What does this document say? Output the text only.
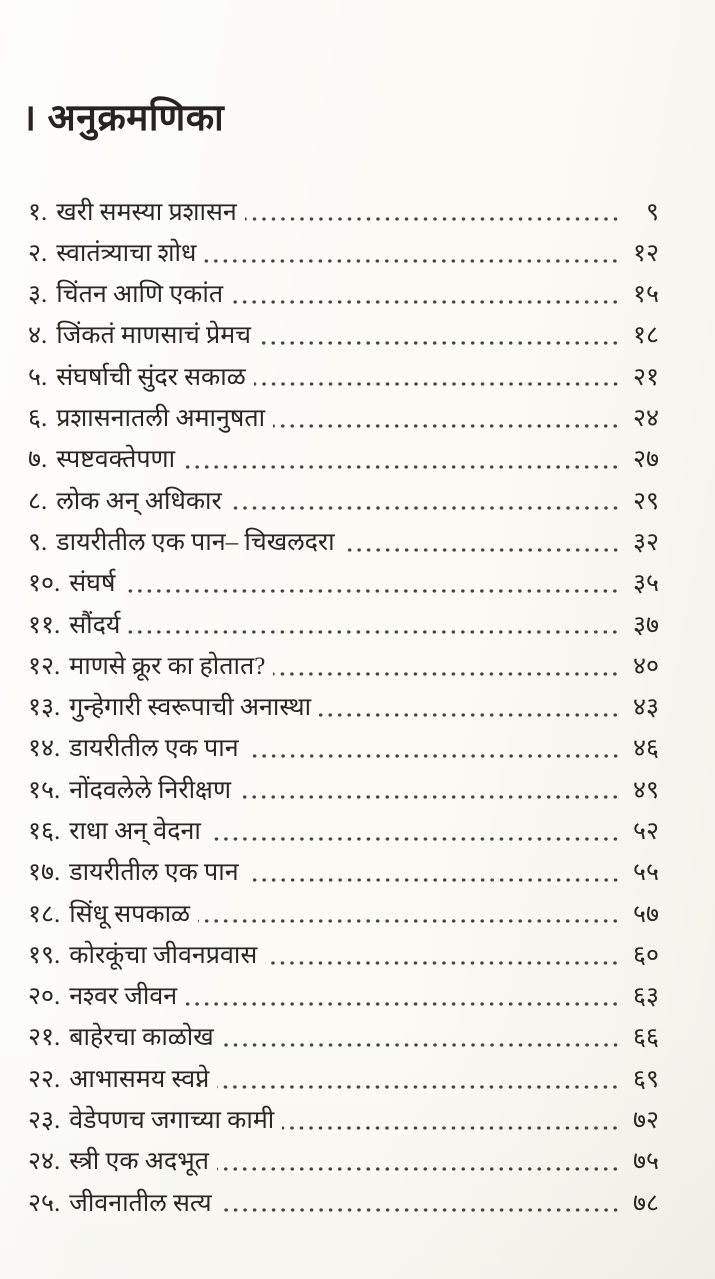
। अनुक्रमणिका
१. खरी समस्या प्रशासन	९
२. स्वातंत्र्याचा शोध	१२
३. चिंतन आणि एकांत	१५
४. जिंकतं माणसाचं प्रेमच	१८
५. संघर्षाची सुंदर सकाळ	२१
६. प्रशासनातली अमानुषता	२४
७. स्पष्टवक्तेपणा	२७
८. लोक अन् अधिकार	२९
९. डायरीतील एक पान– चिखलदरा	३२
१०. संघर्ष	३५
११. सौंदर्य	३७
१२. माणसे क्रूर का होतात?	४०
१३. गुन्हेगारी स्वरूपाची अनास्था	४३
१४. डायरीतील एक पान	४६
१५. नोंदवलेले निरीक्षण	४९
१६. राधा अन् वेदना	५२
१७. डायरीतील एक पान	५५
१८. सिंधू सपकाळ	५७
१९. कोरकूंचा जीवनप्रवास	६०
२०. नश्वर जीवन	६३
२१. बाहेरचा काळोख	६६
२२. आभासमय स्वप्ने	६९
२३. वेडेपणच जगाच्या कामी	७२
२४. स्त्री एक अदभूत	७५
२५. जीवनातील सत्य	७८
